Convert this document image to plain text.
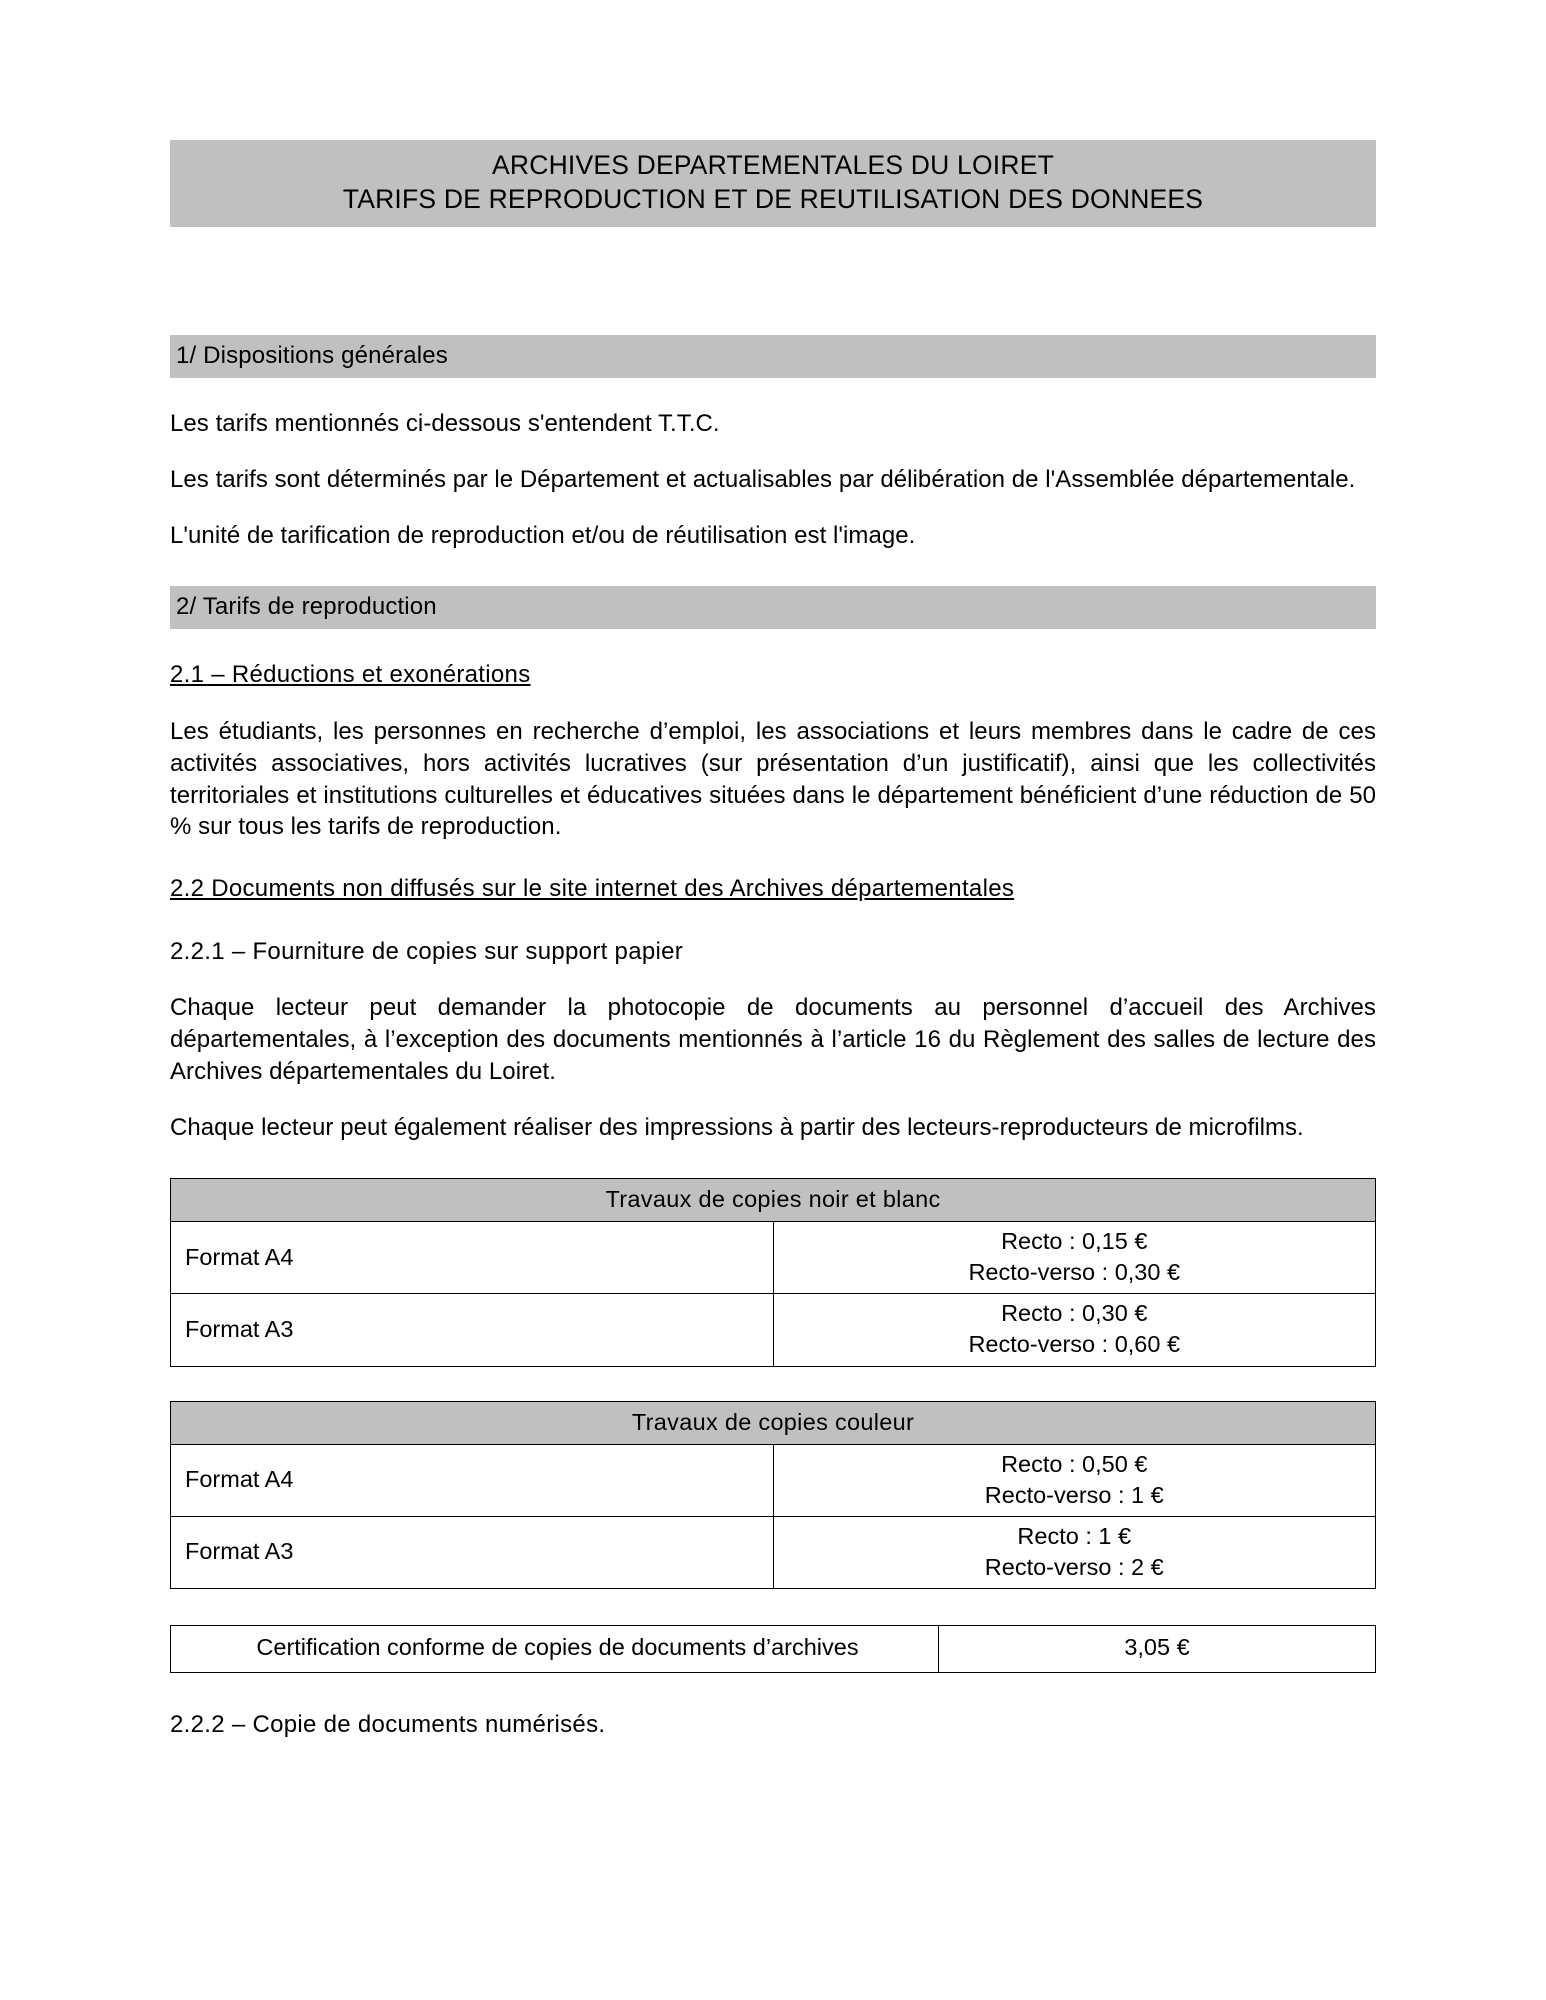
ARCHIVES DEPARTEMENTALES DU LOIRET
TARIFS DE REPRODUCTION ET DE REUTILISATION DES DONNEES
1/ Dispositions générales

Les tarifs mentionnés ci-dessous s'entendent T.T.C.

Les tarifs sont déterminés par le Département et actualisables par délibération de l'Assemblée départementale.

L'unité de tarification de reproduction et/ou de réutilisation est l'image.

2/ Tarifs de reproduction
2.1 – Réductions et exonérations

Les étudiants, les personnes en recherche d’emploi, les associations et leurs membres dans le cadre de ces activités associatives, hors activités lucratives (sur présentation d’un justificatif), ainsi que les collectivités territoriales et institutions culturelles et éducatives situées dans le département bénéficient d’une réduction de 50 % sur tous les tarifs de reproduction.

2.2 Documents non diffusés sur le site internet des Archives départementales
2.2.1 – Fourniture de copies sur support papier

Chaque lecteur peut demander la photocopie de documents au personnel d’accueil des Archives départementales, à l’exception des documents mentionnés à l’article 16 du Règlement des salles de lecture des Archives départementales du Loiret.

Chaque lecteur peut également réaliser des impressions à partir des lecteurs-reproducteurs de microfilms.

Travaux de copies noir et blanc	
Format A4	Recto : 0,15 €
Recto-verso : 0,30 €

Format A3	Recto : 0,30 €
Recto-verso : 0,60 €
Travaux de copies couleur	
Format A4	Recto : 0,50 €
Recto-verso : 1 €

Format A3	Recto : 1 €
Recto-verso : 2 €
Certification conforme de copies de documents d’archives	3,05 €
2.2.2 – Copie de documents numérisés.
